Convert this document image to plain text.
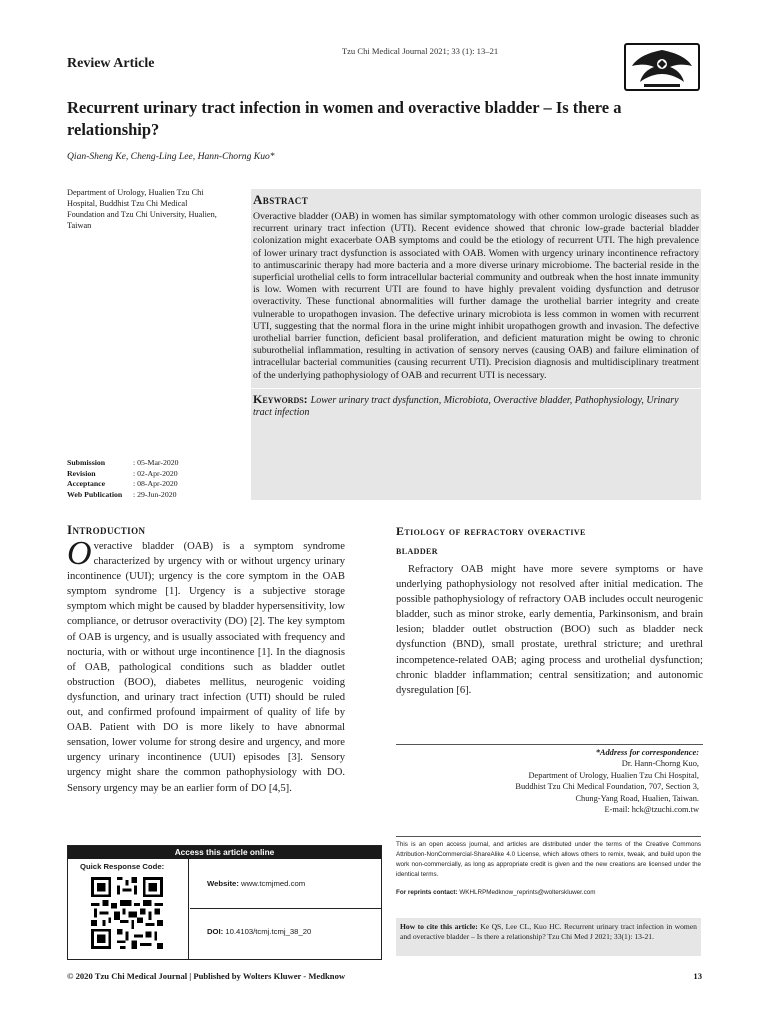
Tzu Chi Medical Journal 2021; 33 (1): 13–21
Review Article
Recurrent urinary tract infection in women and overactive bladder – Is there a relationship?
Qian-Sheng Ke, Cheng-Ling Lee, Hann-Chorng Kuo*
Department of Urology, Hualien Tzu Chi Hospital, Buddhist Tzu Chi Medical Foundation and Tzu Chi University, Hualien, Taiwan
Submission	: 05-Mar-2020
Revision	: 02-Apr-2020
Acceptance	: 08-Apr-2020
Web Publication	: 29-Jun-2020
Abstract
Overactive bladder (OAB) in women has similar symptomatology with other common urologic diseases such as recurrent urinary tract infection (UTI). Recent evidence showed that chronic low-grade bacterial bladder colonization might exacerbate OAB symptoms and could be the etiology of recurrent UTI. The high prevalence of lower urinary tract dysfunction is associated with OAB. Women with urgency urinary incontinence refractory to antimuscarinic therapy had more bacteria and a more diverse urinary microbiome. The bacterial reside in the superficial urothelial cells to form intracellular bacterial community and outbreak when the host innate immunity is low. Women with recurrent UTI are found to have highly prevalent voiding dysfunction and detrusor overactivity. These functional abnormalities will further damage the urothelial barrier integrity and create vulnerable to uropathogen invasion. The defective urinary microbiota is less common in women with recurrent UTI, suggesting that the normal flora in the urine might inhibit uropathogen growth and invasion. The defective urothelial barrier function, deficient basal proliferation, and deficient maturation might be owing to chronic suburothelial inflammation, resulting in activation of sensory nerves (causing OAB) and failure elimination of intracellular bacterial communities (causing recurrent UTI). Precision diagnosis and multidisciplinary treatment of the underlying pathophysiology of OAB and recurrent UTI is necessary.
Keywords: Lower urinary tract dysfunction, Microbiota, Overactive bladder, Pathophysiology, Urinary tract infection
Introduction
Overactive bladder (OAB) is a symptom syndrome characterized by urgency with or without urgency urinary incontinence (UUI); urgency is the core symptom in the OAB symptom syndrome [1]. Urgency is a subjective storage symptom which might be caused by bladder hypersensitivity, low compliance, or detrusor overactivity (DO) [2]. The key symptom of OAB is urgency, and is usually associated with frequency and nocturia, with or without urge incontinence [1]. In the diagnosis of OAB, pathological conditions such as bladder outlet obstruction (BOO), diabetes mellitus, neurogenic voiding dysfunction, and urinary tract infection (UTI) should be ruled out, and confirmed profound impairment of quality of life by OAB. Patient with DO is more likely to have abnormal sensation, lower volume for strong desire and urgency, and more urgency urinary incontinence (UUI) episodes [3]. Sensory urgency might share the common pathophysiology with DO. Sensory urgency may be an earlier form of DO [4,5].
Etiology of refractory overactive
bladder
Refractory OAB might have more severe symptoms or have underlying pathophysiology not resolved after initial medication. The possible pathophysiology of refractory OAB includes occult neurogenic bladder, such as minor stroke, early dementia, Parkinsonism, and brain lesion; bladder outlet obstruction (BOO) such as bladder neck dysfunction (BND), small prostate, urethral stricture; and urethral incompetence-related OAB; aging process and urothelial dysfunction; chronic bladder inflammation; central sensitization; and autonomic dysregulation [6].
*Address for correspondence:
Dr. Hann-Chorng Kuo,
Department of Urology, Hualien Tzu Chi Hospital,
Buddhist Tzu Chi Medical Foundation, 707, Section 3,
Chung-Yang Road, Hualien, Taiwan.
E-mail: hck@tzuchi.com.tw
Access this article online
Quick Response Code:
Website: www.tcmjmed.com
DOI: 10.4103/tcmj.tcmj_38_20
This is an open access journal, and articles are distributed under the terms of the Creative Commons Attribution-NonCommercial-ShareAlike 4.0 License, which allows others to remix, tweak, and build upon the work non-commercially, as long as appropriate credit is given and the new creations are licensed under the identical terms.
For reprints contact: WKHLRPMedknow_reprints@wolterskluwer.com
How to cite this article: Ke QS, Lee CL, Kuo HC. Recurrent urinary tract infection in women and overactive bladder – Is there a relationship? Tzu Chi Med J 2021; 33(1): 13-21.
© 2020 Tzu Chi Medical Journal | Published by Wolters Kluwer - Medknow	13
